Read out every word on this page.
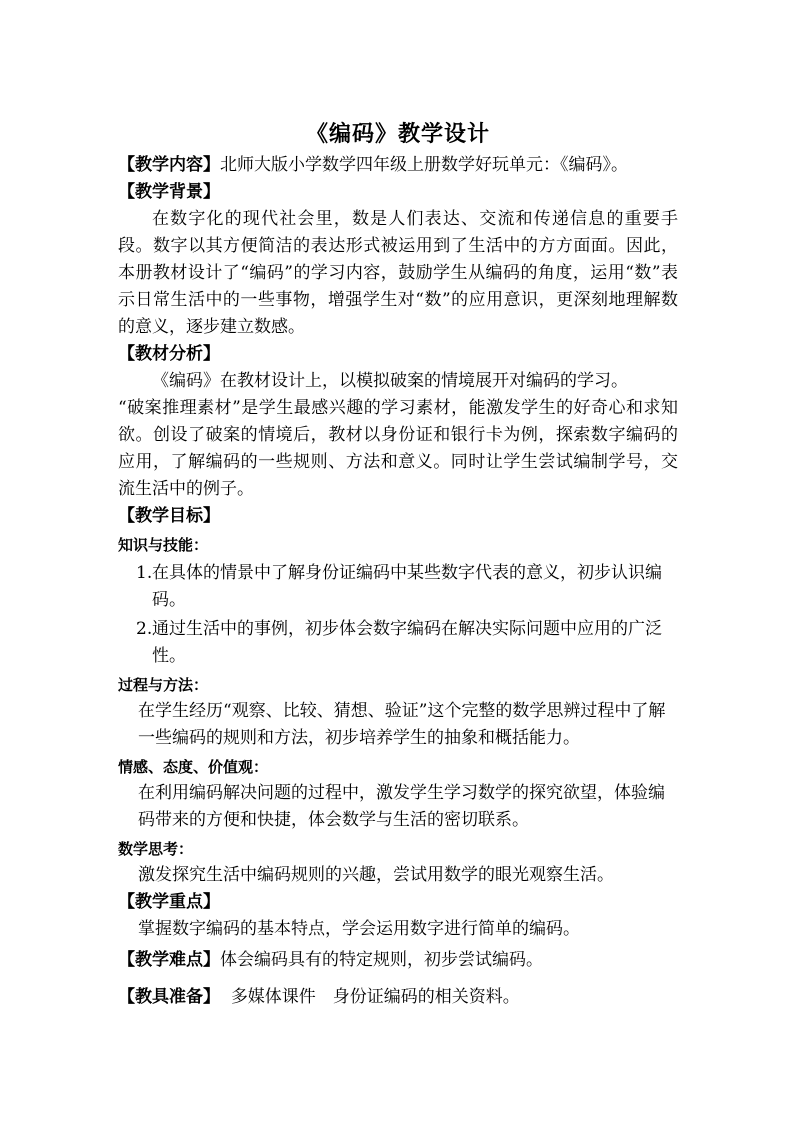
《编码》教学设计

【教学内容】北师大版小学数学四年级上册数学好玩单元：《编码》。

【教学背景】

在数字化的现代社会里，数是人们表达、交流和传递信息的重要手段。数字以其方便简洁的表达形式被运用到了生活中的方方面面。因此，本册教材设计了“编码”的学习内容，鼓励学生从编码的角度，运用“数”表示日常生活中的一些事物，增强学生对“数”的应用意识，更深刻地理解数的意义，逐步建立数感。

【教材分析】

《编码》在教材设计上，以模拟破案的情境展开对编码的学习。

“破案推理素材”是学生最感兴趣的学习素材，能激发学生的好奇心和求知欲。创设了破案的情境后，教材以身份证和银行卡为例，探索数字编码的应用，了解编码的一些规则、方法和意义。同时让学生尝试编制学号，交流生活中的例子。

【教学目标】

知识与技能：

1. 在具体的情景中了解身份证编码中某些数字代表的意义，初步认识编码。
2. 通过生活中的事例，初步体会数字编码在解决实际问题中应用的广泛性。

过程与方法：

在学生经历“观察、比较、猜想、验证”这个完整的数学思辨过程中了解一些编码的规则和方法，初步培养学生的抽象和概括能力。

情感、态度、价值观：

在利用编码解决问题的过程中，激发学生学习数学的探究欲望，体验编码带来的方便和快捷，体会数学与生活的密切联系。

数学思考：

激发探究生活中编码规则的兴趣，尝试用数学的眼光观察生活。

【教学重点】

掌握数字编码的基本特点，学会运用数字进行简单的编码。

【教学难点】体会编码具有的特定规则，初步尝试编码。

【教具准备】 多媒体课件　身份证编码的相关资料。
